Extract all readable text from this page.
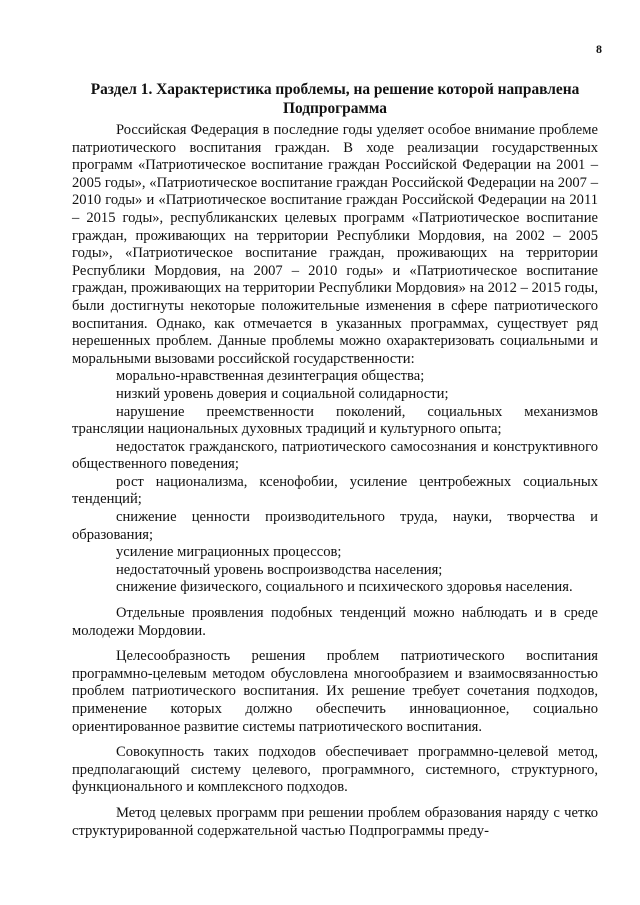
8
Раздел 1. Характеристика проблемы, на решение которой направлена Подпрограмма

Российская Федерация в последние годы уделяет особое внимание проблеме патриотического воспитания граждан. В ходе реализации государственных программ «Патриотическое воспитание граждан Российской Федерации на 2001 – 2005 годы», «Патриотическое воспитание граждан Российской Федерации на 2007 – 2010 годы» и «Патриотическое воспитание граждан Российской Федерации на 2011 – 2015 годы», республиканских целевых программ «Патриотическое воспитание граждан, проживающих на территории Республики Мордовия, на 2002 – 2005 годы», «Патриотическое воспитание граждан, проживающих на территории Республики Мордовия, на 2007 – 2010 годы» и «Патриотическое воспитание граждан, проживающих на территории Республики Мордовия» на 2012 – 2015 годы, были достигнуты некоторые положительные изменения в сфере патриотического воспитания. Однако, как отмечается в указанных программах, существует ряд нерешенных проблем. Данные проблемы можно охарактеризовать социальными и моральными вызовами российской государственности:

морально-нравственная дезинтеграция общества;

низкий уровень доверия и социальной солидарности;

нарушение преемственности поколений, социальных механизмов трансляции национальных духовных традиций и культурного опыта;

недостаток гражданского, патриотического самосознания и конструктивного общественного поведения;

рост национализма, ксенофобии, усиление центробежных социальных тенденций;

снижение ценности производительного труда, науки, творчества и образования;

усиление миграционных процессов;

недостаточный уровень воспроизводства населения;

снижение физического, социального и психического здоровья населения.

Отдельные проявления подобных тенденций можно наблюдать и в среде молодежи Мордовии.

Целесообразность решения проблем патриотического воспитания программно-целевым методом обусловлена многообразием и взаимосвязанностью проблем патриотического воспитания. Их решение требует сочетания подходов, применение которых должно обеспечить инновационное, социально ориентированное развитие системы патриотического воспитания.

Совокупность таких подходов обеспечивает программно-целевой метод, предполагающий систему целевого, программного, системного, структурного, функционального и комплексного подходов.

Метод целевых программ при решении проблем образования наряду с четко структурированной содержательной частью Подпрограммы преду-
